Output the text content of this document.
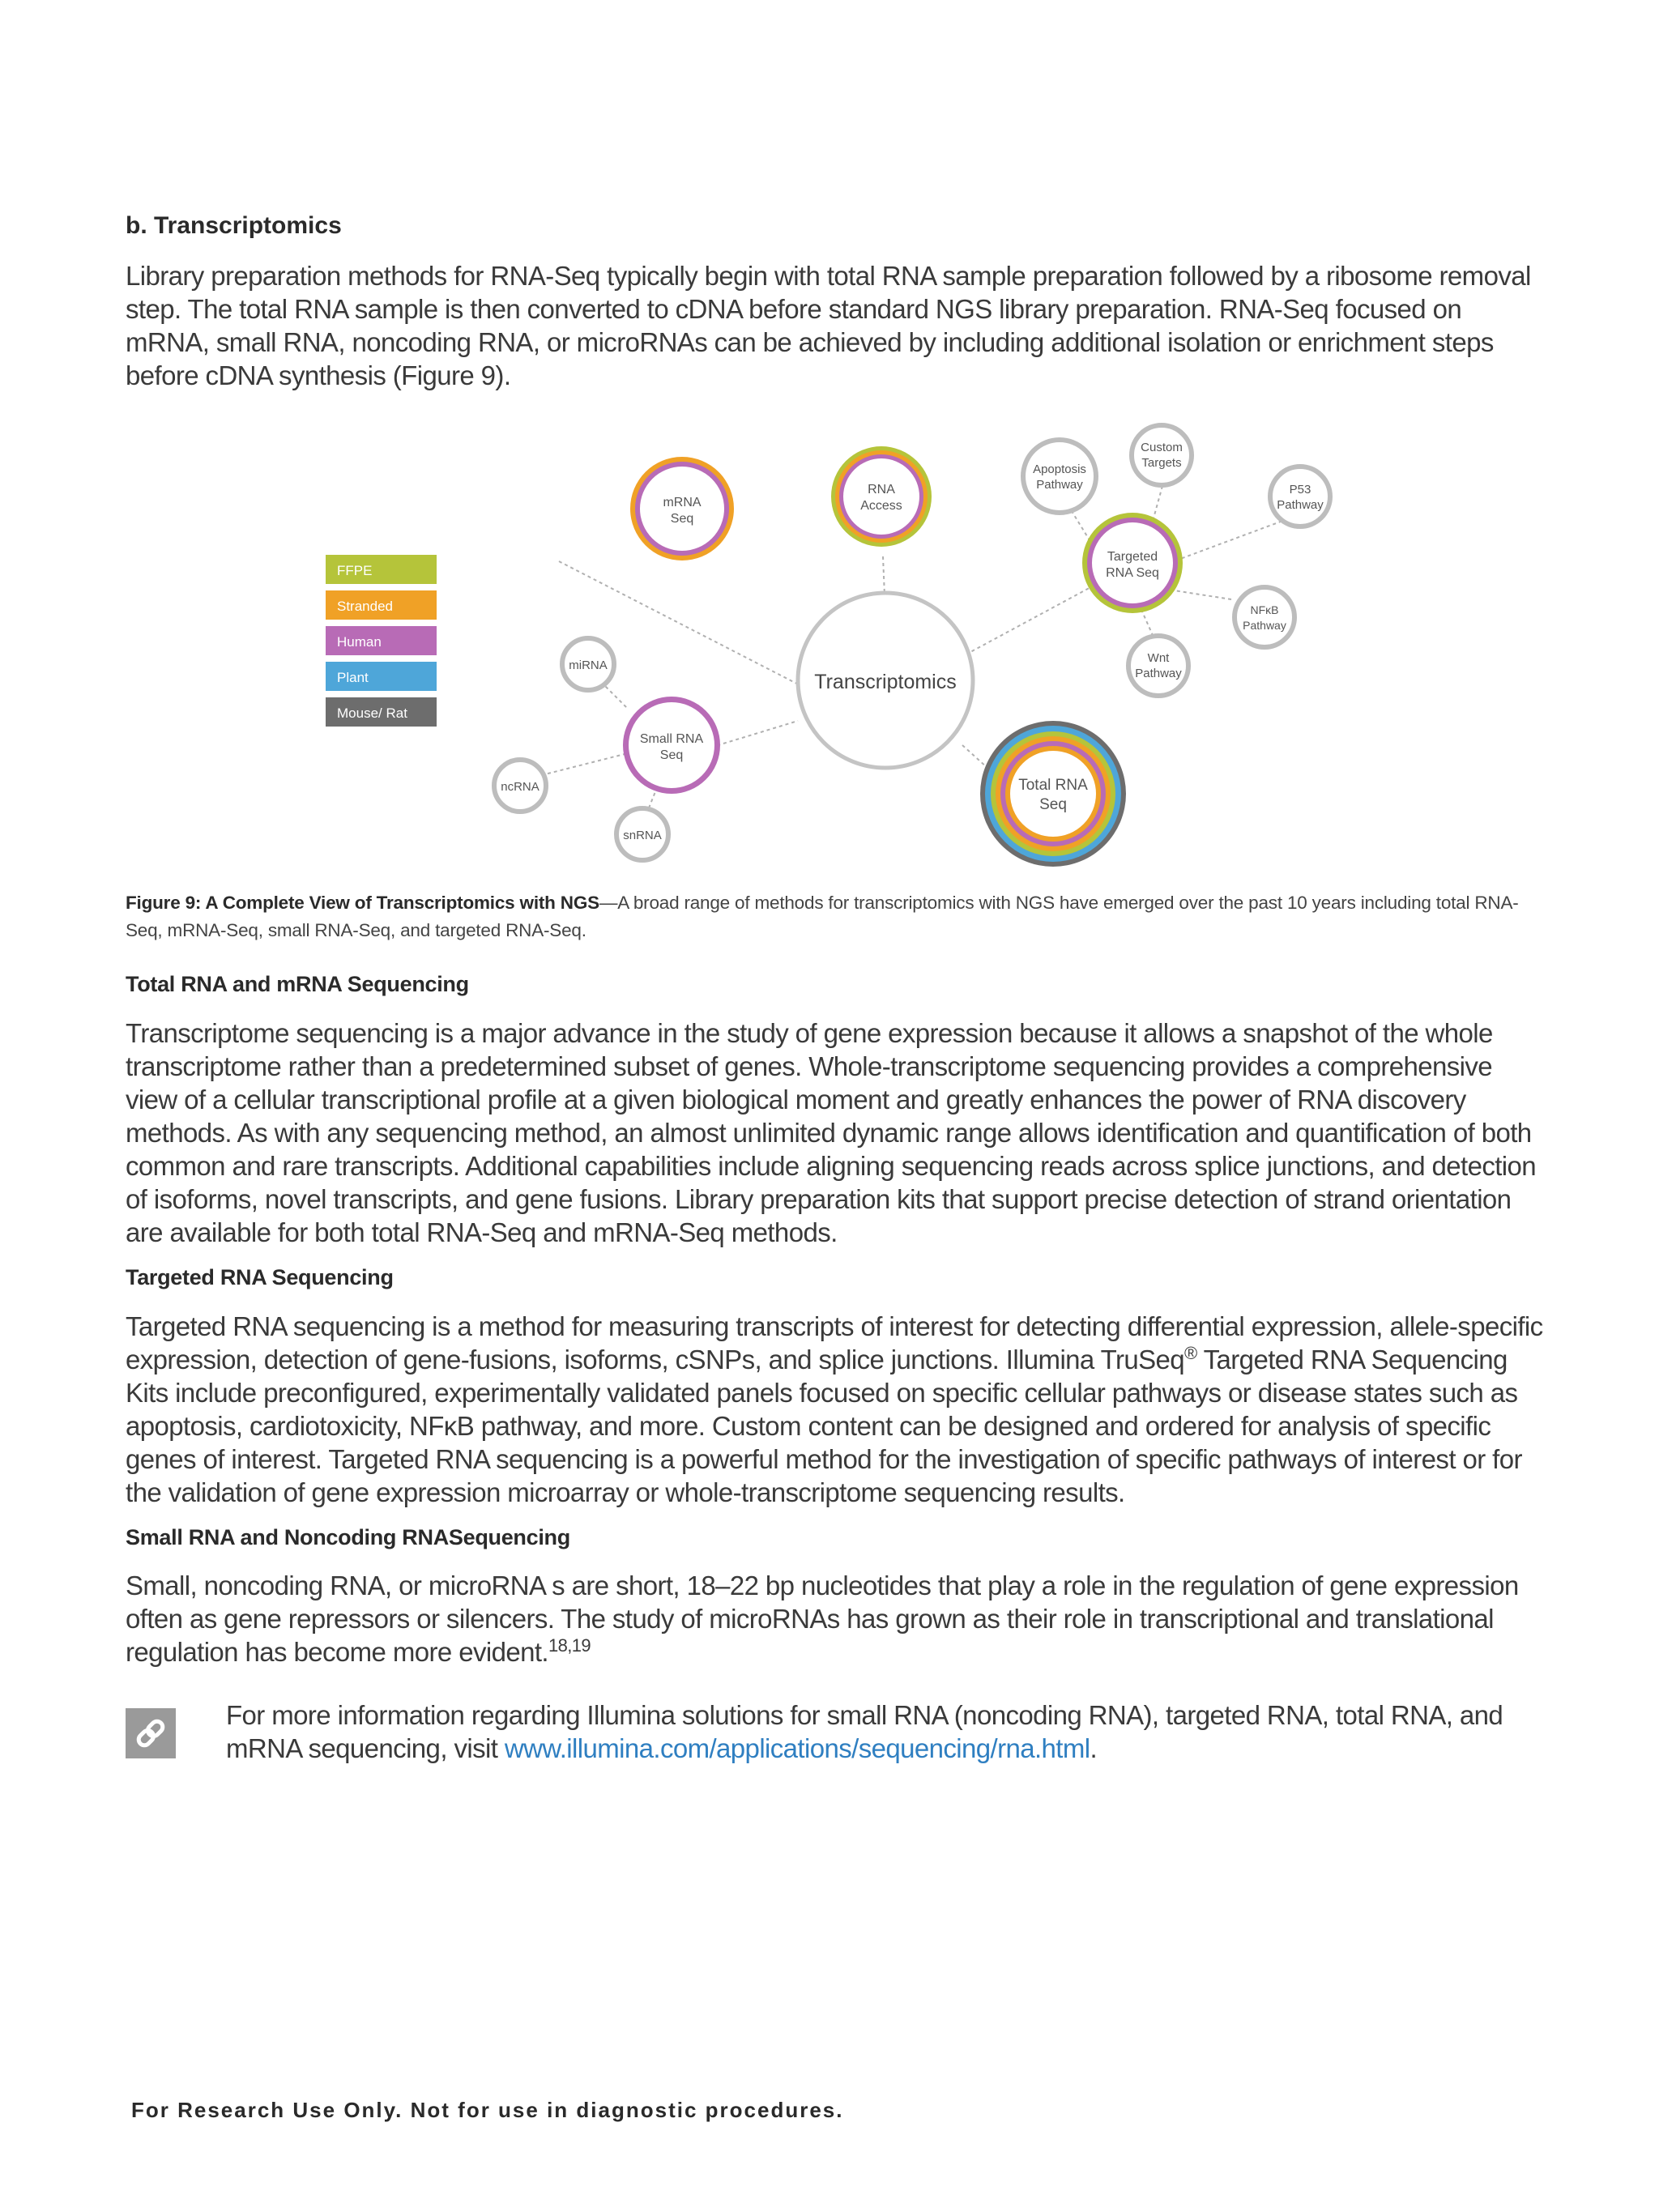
b. Transcriptomics

Library preparation methods for RNA-Seq typically begin with total RNA sample preparation followed by a ribosome removal step. The total RNA sample is then converted to cDNA before standard NGS library preparation. RNA-Seq focused on mRNA, small RNA, noncoding RNA, or microRNAs can be achieved by including additional isolation or enrichment steps before cDNA synthesis (Figure 9).

Transcriptomics
mRNA
Seq
RNA
Access
Apoptosis
Pathway
Custom
Targets
P53
Pathway
Targeted
RNA Seq
NFκB
Pathway
Wnt
Pathway
miRNA
Small RNA
Seq
ncRNA
snRNA
Total RNA
Seq
FFPE
Stranded
Human
Plant
Mouse/ Rat

Figure 9: A Complete View of Transcriptomics with NGS—A broad range of methods for transcriptomics with NGS have emerged over the past 10 years including total RNA-Seq, mRNA-Seq, small RNA-Seq, and targeted RNA-Seq.

Total RNA and mRNA Sequencing

Transcriptome sequencing is a major advance in the study of gene expression because it allows a snapshot of the whole transcriptome rather than a predetermined subset of genes. Whole-transcriptome sequencing provides a comprehensive view of a cellular transcriptional profile at a given biological moment and greatly enhances the power of RNA discovery methods. As with any sequencing method, an almost unlimited dynamic range allows identification and quantification of both common and rare transcripts. Additional capabilities include aligning sequencing reads across splice junctions, and detection of isoforms, novel transcripts, and gene fusions. Library preparation kits that support precise detection of strand orientation are available for both total RNA-Seq and mRNA-Seq methods.

Targeted RNA Sequencing

Targeted RNA sequencing is a method for measuring transcripts of interest for detecting differential expression, allele-specific expression, detection of gene-fusions, isoforms, cSNPs, and splice junctions. Illumina TruSeq® Targeted RNA Sequencing Kits include preconfigured, experimentally validated panels focused on specific cellular pathways or disease states such as apoptosis, cardiotoxicity, NFκB pathway, and more. Custom content can be designed and ordered for analysis of specific genes of interest. Targeted RNA sequencing is a powerful method for the investigation of specific pathways of interest or for the validation of gene expression microarray or whole-transcriptome sequencing results.

Small RNA and Noncoding RNASequencing

Small, noncoding RNA, or microRNA s are short, 18–22 bp nucleotides that play a role in the regulation of gene expression often as gene repressors or silencers. The study of microRNAs has grown as their role in transcriptional and translational regulation has become more evident.$^{18,19}$

For more information regarding Illumina solutions for small RNA (noncoding RNA), targeted RNA, total RNA, and mRNA sequencing, visit www.illumina.com/applications/sequencing/rna.html.

For Research Use Only. Not for use in diagnostic procedures.
